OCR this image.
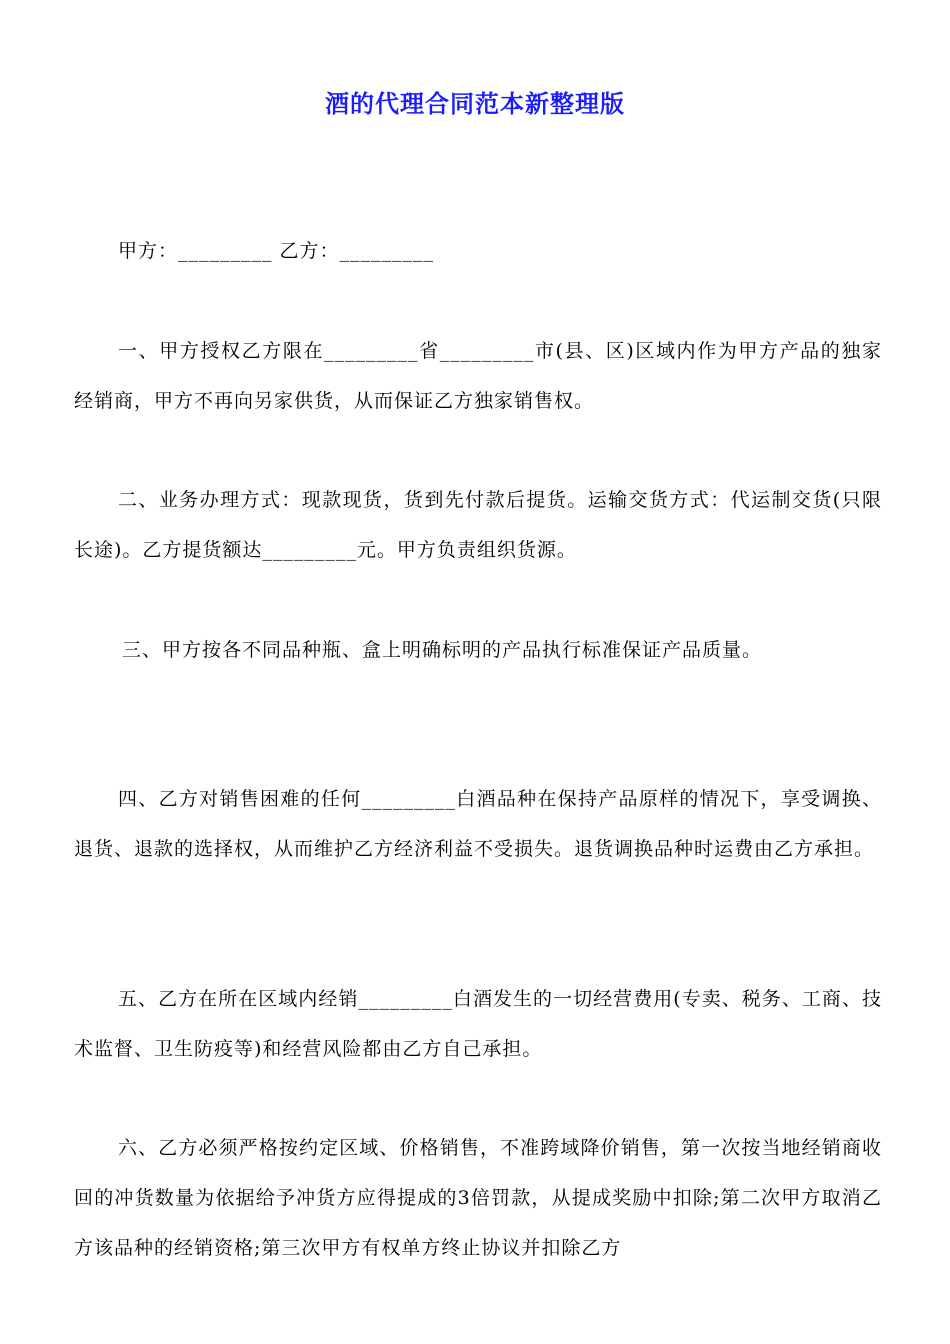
酒的代理合同范本新整理版
甲方：_________ 乙方：_________
一、甲方授权乙方限在_________省_________市(县、区)区域内作为甲方产品的独家经销商，甲方不再向另家供货，从而保证乙方独家销售权。
二、业务办理方式：现款现货，货到先付款后提货。运输交货方式：代运制交货(只限长途)。乙方提货额达_________元。甲方负责组织货源。
三、甲方按各不同品种瓶、盒上明确标明的产品执行标准保证产品质量。
四、乙方对销售困难的任何_________白酒品种在保持产品原样的情况下，享受调换、退货、退款的选择权，从而维护乙方经济利益不受损失。退货调换品种时运费由乙方承担。
五、乙方在所在区域内经销_________白酒发生的一切经营费用(专卖、税务、工商、技术监督、卫生防疫等)和经营风险都由乙方自己承担。
六、乙方必须严格按约定区域、价格销售，不准跨域降价销售，第一次按当地经销商收回的冲货数量为依据给予冲货方应得提成的3倍罚款，从提成奖励中扣除;第二次甲方取消乙方该品种的经销资格;第三次甲方有权单方终止协议并扣除乙方
